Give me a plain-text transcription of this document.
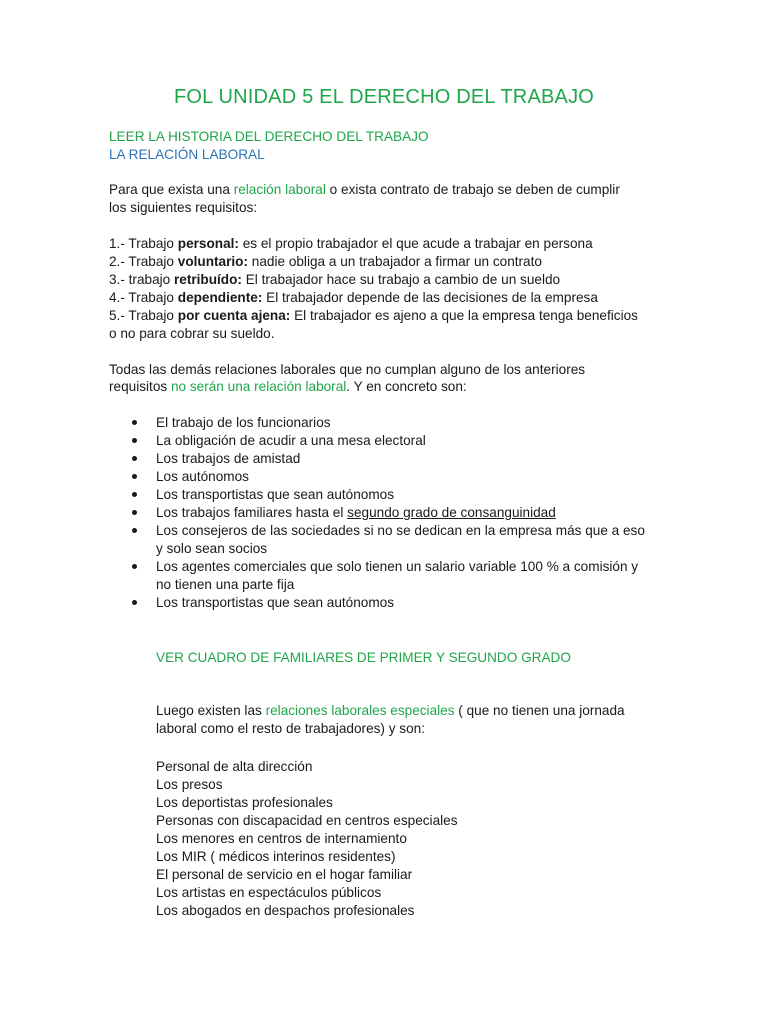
FOL UNIDAD 5 EL DERECHO DEL TRABAJO
LEER LA HISTORIA DEL DERECHO DEL TRABAJO
LA RELACIÓN LABORAL
Para que exista una relación laboral o exista contrato de trabajo se deben de cumplir
los siguientes requisitos:
1.- Trabajo personal: es el propio trabajador el que acude a trabajar en persona
2.- Trabajo voluntario: nadie obliga a un trabajador a firmar un contrato
3.- trabajo retribuído: El trabajador hace su trabajo a cambio de un sueldo
4.- Trabajo dependiente: El trabajador depende de las decisiones de la empresa
5.- Trabajo por cuenta ajena: El trabajador es ajeno a que la empresa tenga beneficios
o no para cobrar su sueldo.
Todas las demás relaciones laborales que no cumplan alguno de los anteriores
requisitos no serán una relación laboral. Y en concreto son:
El trabajo de los funcionarios
La obligación de acudir a una mesa electoral
Los trabajos de amistad
Los autónomos
Los transportistas que sean autónomos
Los trabajos familiares hasta el segundo grado de consanguinidad
Los consejeros de las sociedades si no se dedican en la empresa más que a eso
y solo sean socios
Los agentes comerciales que solo tienen un salario variable 100 % a comisión y
no tienen una parte fija
Los transportistas que sean autónomos
VER CUADRO DE FAMILIARES DE PRIMER Y SEGUNDO GRADO
Luego existen las relaciones laborales especiales ( que no tienen una jornada
laboral como el resto de trabajadores) y son:
Personal de alta dirección
Los presos
Los deportistas profesionales
Personas con discapacidad en centros especiales
Los menores en centros de internamiento
Los MIR ( médicos interinos residentes)
El personal de servicio en el hogar familiar
Los artistas en espectáculos públicos
Los abogados en despachos profesionales
